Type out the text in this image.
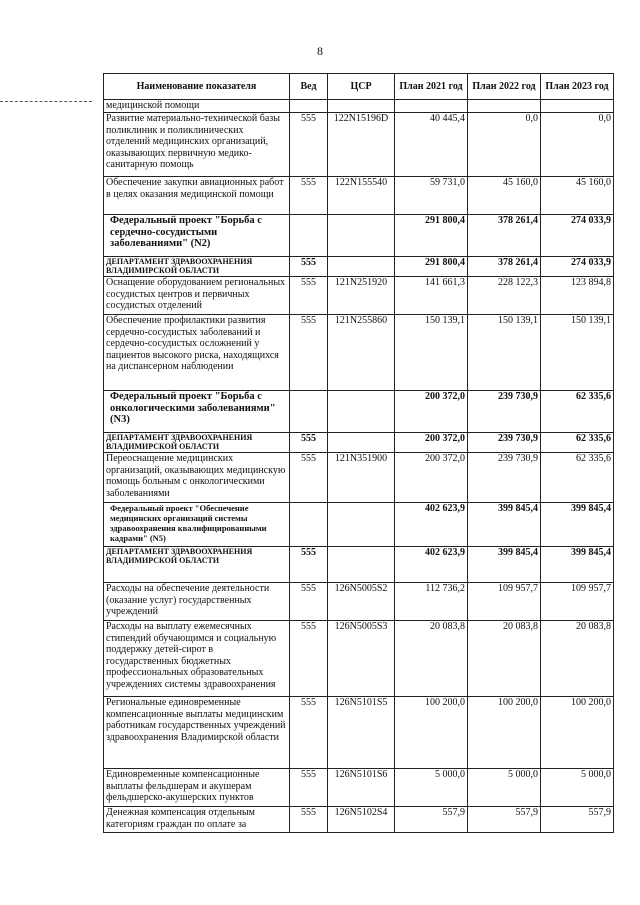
8
Наименование показателя	Вед	ЦСР	План 2021 год	План 2022 год	План 2023 год
медицинской помощи					
Развитие материально-технической базы поликлиник и поликлинических отделений медицинских организаций, оказывающих первичную медико-санитарную помощь	555	122N15196D	40 445,4	0,0	0,0
Обеспечение закупки авиационных работ в целях оказания медицинской помощи	555	122N155540	59 731,0	45 160,0	45 160,0
Федеральный проект "Борьба с сердечно-сосудистыми заболеваниями" (N2)			291 800,4	378 261,4	274 033,9
ДЕПАРТАМЕНТ ЗДРАВООХРАНЕНИЯ ВЛАДИМИРСКОЙ ОБЛАСТИ	555		291 800,4	378 261,4	274 033,9
Оснащение оборудованием региональных сосудистых центров и первичных сосудистых отделений	555	121N251920	141 661,3	228 122,3	123 894,8
Обеспечение профилактики развития сердечно-сосудистых заболеваний и сердечно-сосудистых осложнений у пациентов высокого риска, находящихся на диспансерном наблюдении	555	121N255860	150 139,1	150 139,1	150 139,1
Федеральный проект "Борьба с онкологическими заболеваниями" (N3)			200 372,0	239 730,9	62 335,6
ДЕПАРТАМЕНТ ЗДРАВООХРАНЕНИЯ ВЛАДИМИРСКОЙ ОБЛАСТИ	555		200 372,0	239 730,9	62 335,6
Переоснащение медицинских организаций, оказывающих медицинскую помощь больным с онкологическими заболеваниями	555	121N351900	200 372,0	239 730,9	62 335,6
Федеральный проект "Обеспечение медицинских организаций системы здравоохранения квалифицированными кадрами" (N5)			402 623,9	399 845,4	399 845,4
ДЕПАРТАМЕНТ ЗДРАВООХРАНЕНИЯ ВЛАДИМИРСКОЙ ОБЛАСТИ	555		402 623,9	399 845,4	399 845,4
Расходы на обеспечение деятельности (оказание услуг) государственных учреждений	555	126N5005S2	112 736,2	109 957,7	109 957,7
Расходы на выплату ежемесячных стипендий обучающимся и социальную поддержку детей-сирот в государственных бюджетных профессиональных образовательных учреждениях системы здравоохранения	555	126N5005S3	20 083,8	20 083,8	20 083,8
Региональные единовременные компенсационные выплаты медицинским работникам государственных учреждений здравоохранения Владимирской области	555	126N5101S5	100 200,0	100 200,0	100 200,0
Единовременные компенсационные выплаты фельдшерам и акушерам фельдшерско-акушерских пунктов	555	126N5101S6	5 000,0	5 000,0	5 000,0
Денежная компенсация отдельным категориям граждан по оплате за	555	126N5102S4	557,9	557,9	557,9
